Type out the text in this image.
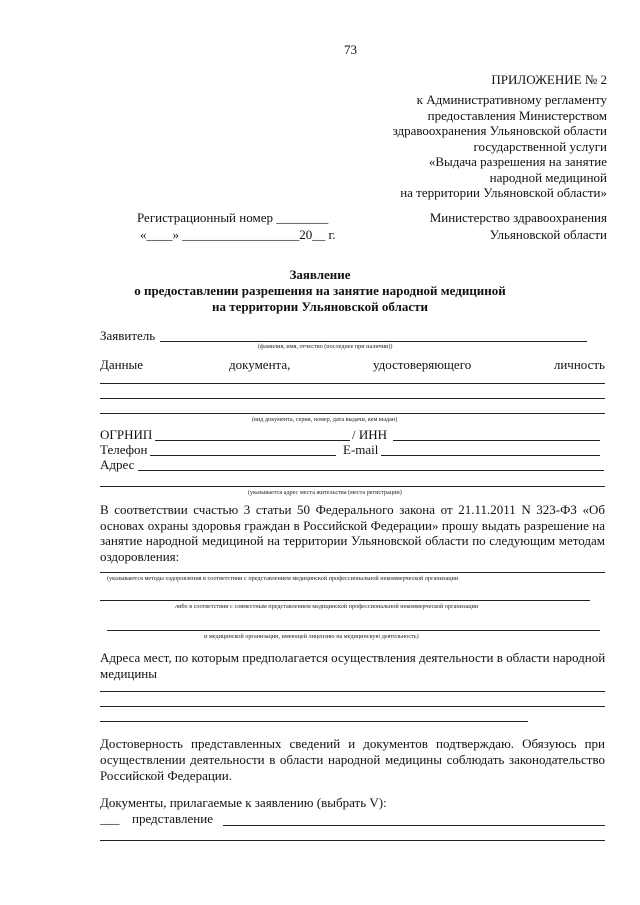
73
ПРИЛОЖЕНИЕ № 2
к Административному регламенту
предоставления Министерством
здравоохранения Ульяновской области
государственной услуги
«Выдача разрешения на занятие
народной медициной
на территории Ульяновской области»
Регистрационный номер ________
«____» __________________20__ г.
Министерство здравоохранения
Ульяновской области
Заявление
о предоставлении разрешения на занятие народной медициной
на территории Ульяновской области
Заявитель
(фамилия, имя, отчество (последнее при наличии))
Данные	документа,	удостоверяющего	личность
(вид документа, серия, номер, дата выдачи, кем выдан)
ОГРНИП	/ ИНН
Телефон	E-mail
Адрес
(указывается адрес места жительства (места регистрации)
В соответствии счастью 3 статьи 50 Федерального закона от 21.11.2011 N 323-ФЗ «Об
основах охраны здоровья граждан в Российской Федерации» прошу выдать разрешение на
занятие народной медициной на территории Ульяновской области по следующим методам
оздоровления:
(указываются методы оздоровления в соответствии с представлением медицинской профессиональной некоммерческой организации
либо в соответствии с совместным представлением медицинской профессиональной некоммерческой организации
и медицинской организации, имеющей лицензию на медицинскую деятельность)
Адреса мест, по которым предполагается осуществления деятельности в области народной
медицины
Достоверность представленных сведений и документов подтверждаю. Обязуюсь при
осуществлении деятельности в области народной медицины соблюдать законодательство
Российской Федерации.
Документы, прилагаемые к заявлению (выбрать V):
___ представление
